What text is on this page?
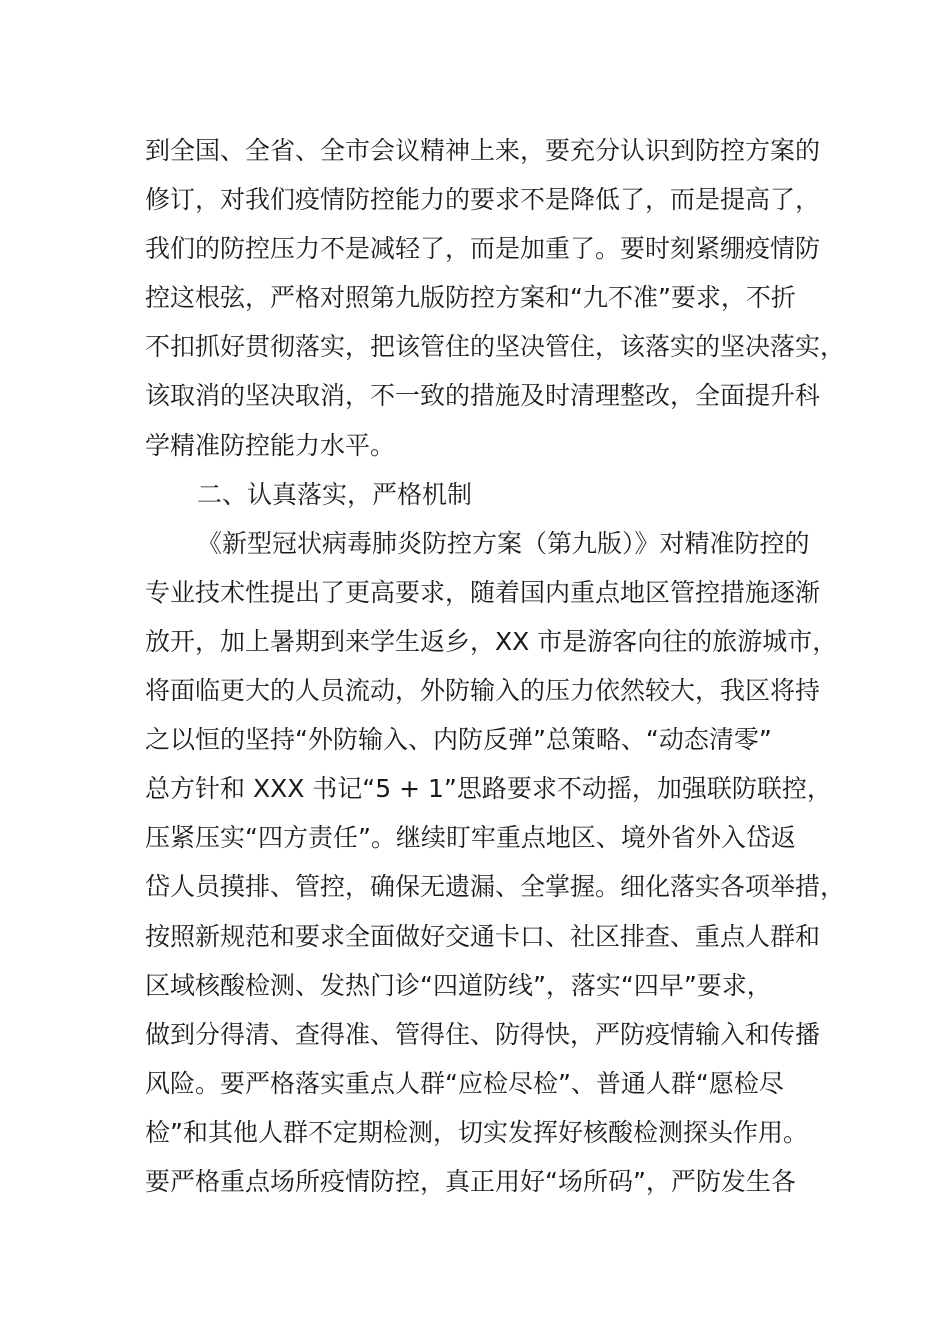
到全国、全省、全市会议精神上来，要充分认识到防控方案的
修订，对我们疫情防控能力的要求不是降低了，而是提高了，
我们的防控压力不是减轻了，而是加重了。要时刻紧绷疫情防
控这根弦，严格对照第九版防控方案和“九不准”要求，不折
不扣抓好贯彻落实，把该管住的坚决管住，该落实的坚决落实，
该取消的坚决取消，不一致的措施及时清理整改，全面提升科
学精准防控能力水平。
二、认真落实，严格机制
《新型冠状病毒肺炎防控方案（第九版）》对精准防控的
专业技术性提出了更高要求，随着国内重点地区管控措施逐渐
放开，加上暑期到来学生返乡，XX 市是游客向往的旅游城市，
将面临更大的人员流动，外防输入的压力依然较大，我区将持
之以恒的坚持“外防输入、内防反弹”总策略、“动态清零”
总方针和 XXX 书记“5 + 1”思路要求不动摇，加强联防联控，
压紧压实“四方责任”。继续盯牢重点地区、境外省外入岱返
岱人员摸排、管控，确保无遗漏、全掌握。细化落实各项举措，
按照新规范和要求全面做好交通卡口、社区排查、重点人群和
区域核酸检测、发热门诊“四道防线”，落实“四早”要求，
做到分得清、查得准、管得住、防得快，严防疫情输入和传播
风险。要严格落实重点人群“应检尽检”、普通人群“愿检尽
检”和其他人群不定期检测，切实发挥好核酸检测探头作用。
要严格重点场所疫情防控，真正用好“场所码”，严防发生各
